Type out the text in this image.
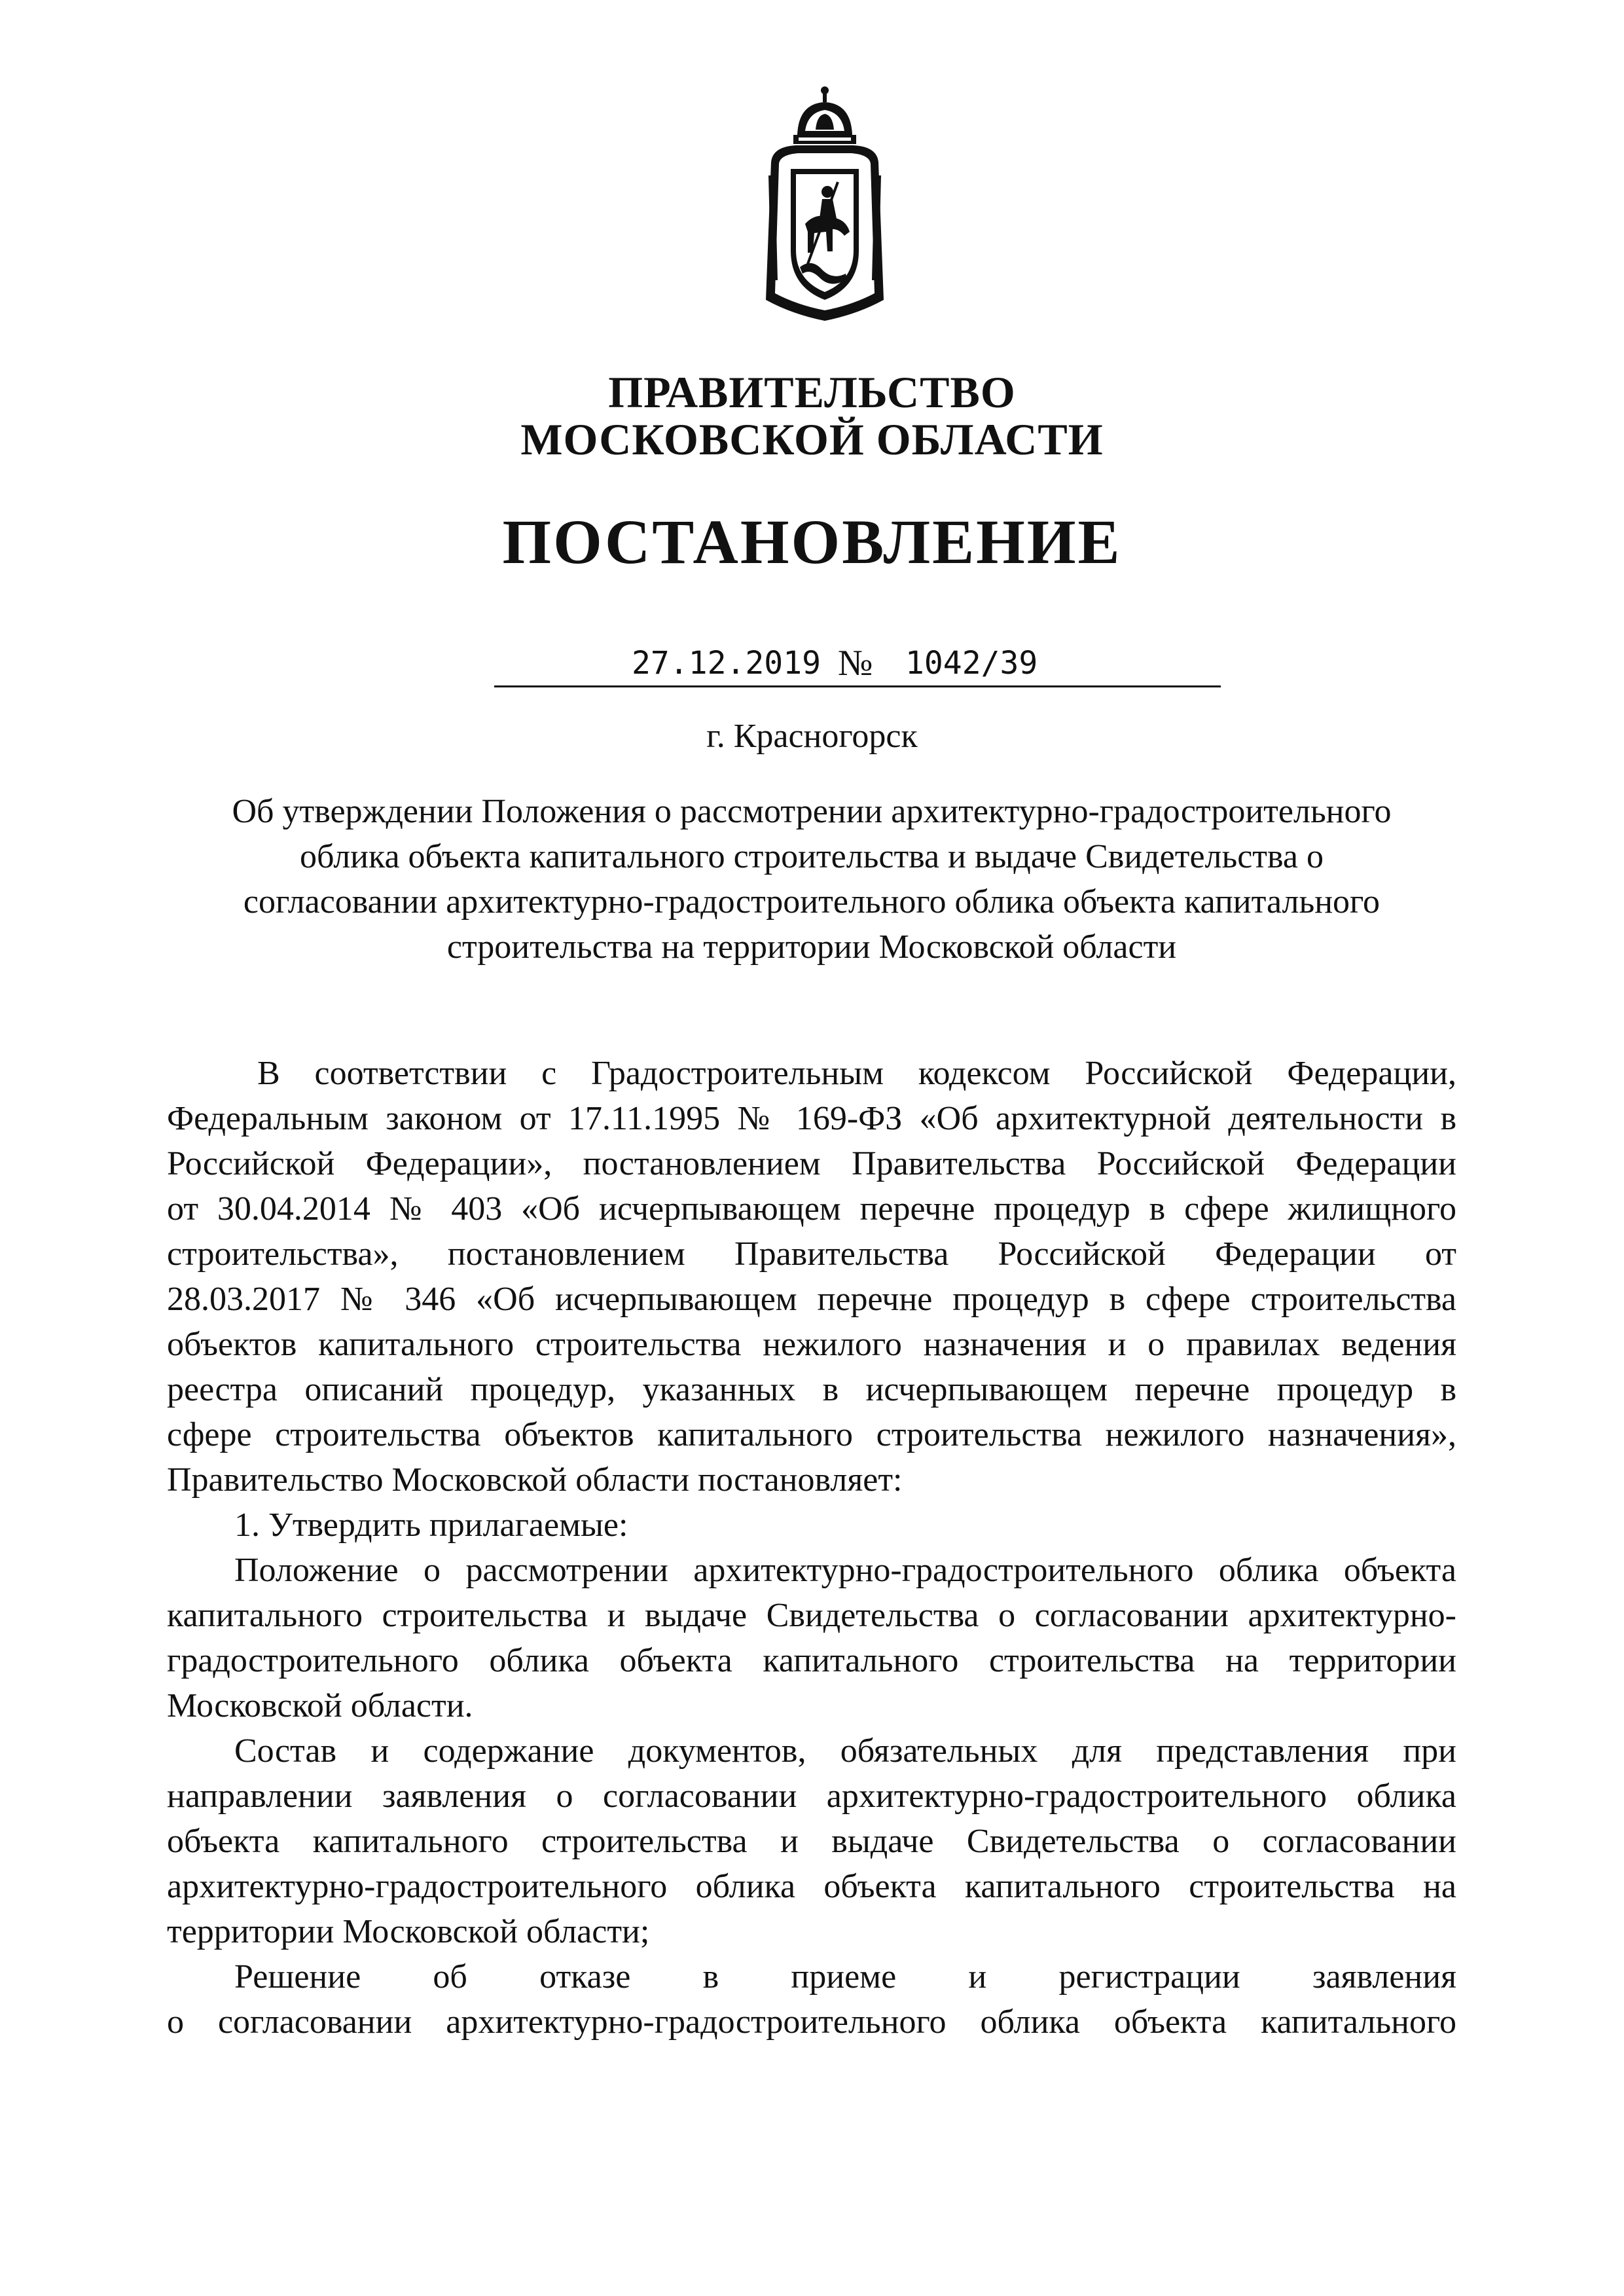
ПРАВИТЕЛЬСТВО
МОСКОВСКОЙ ОБЛАСТИ
ПОСТАНОВЛЕНИЕ
27.12.2019 № 1042/39
г. Красногорск
Об утверждении Положения о рассмотрении архитектурно-градостроительного
облика объекта капитального строительства и выдаче Свидетельства о
согласовании архитектурно-градостроительного облика объекта капитального
строительства на территории Московской области
В соответствии с Градостроительным кодексом Российской Федерации,
Федеральным законом от 17.11.1995 № 169-ФЗ «Об архитектурной деятельности в
Российской Федерации», постановлением Правительства Российской Федерации
от 30.04.2014 № 403 «Об исчерпывающем перечне процедур в сфере жилищного
строительства», постановлением Правительства Российской Федерации от
28.03.2017 № 346 «Об исчерпывающем перечне процедур в сфере строительства
объектов капитального строительства нежилого назначения и о правилах ведения
реестра описаний процедур, указанных в исчерпывающем перечне процедур в
сфере строительства объектов капитального строительства нежилого назначения»,
Правительство Московской области постановляет:
1. Утвердить прилагаемые:
Положение о рассмотрении архитектурно-градостроительного облика объекта
капитального строительства и выдаче Свидетельства о согласовании архитектурно-
градостроительного облика объекта капитального строительства на территории
Московской области.
Состав и содержание документов, обязательных для представления при
направлении заявления о согласовании архитектурно-градостроительного облика
объекта капитального строительства и выдаче Свидетельства о согласовании
архитектурно-градостроительного облика объекта капитального строительства на
территории Московской области;
Решение об отказе в приеме и регистрации заявления
о согласовании архитектурно-градостроительного облика объекта капитального
